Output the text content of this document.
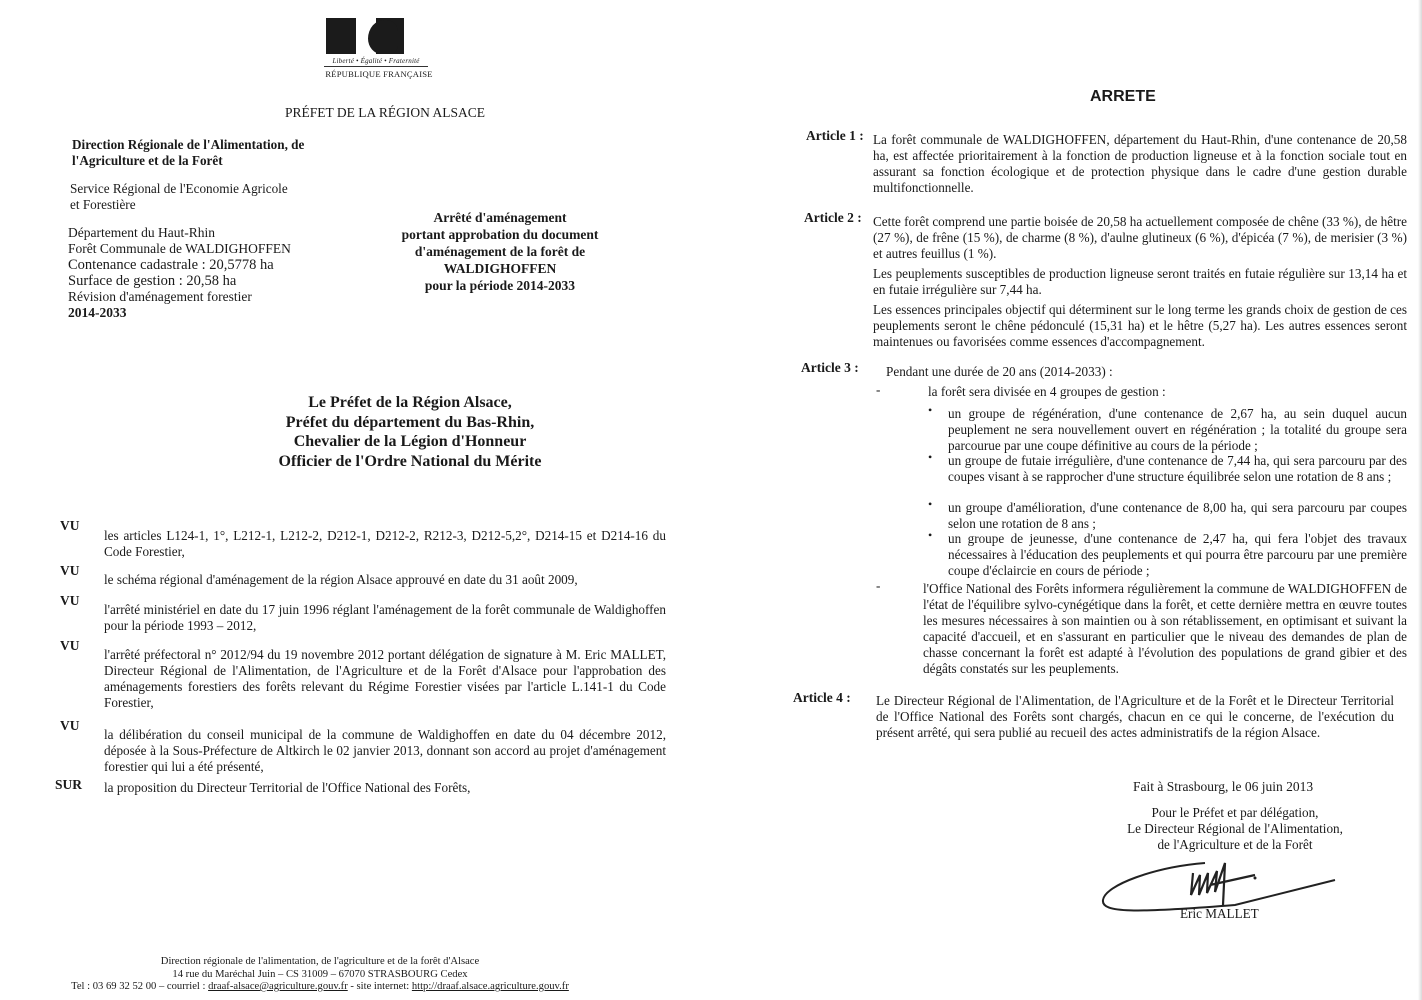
Liberté • Égalité • Fraternité
RÉPUBLIQUE FRANÇAISE
PRÉFET DE LA RÉGION ALSACE
Direction Régionale de l'Alimentation, de
l'Agriculture et de la Forêt
Service Régional de l'Economie Agricole
et Forestière
Département du Haut-Rhin
Forêt Communale de WALDIGHOFFEN
Contenance cadastrale : 20,5778 ha
Surface de gestion : 20,58 ha
Révision d'aménagement forestier
2014-2033
Arrêté d'aménagement
portant approbation du document
d'aménagement de la forêt de
WALDIGHOFFEN
pour la période 2014-2033
Le Préfet de la Région Alsace,
Préfet du département du Bas-Rhin,
Chevalier de la Légion d'Honneur
Officier de l'Ordre National du Mérite
VU
les articles L124-1, 1°, L212-1, L212-2, D212-1, D212-2, R212-3, D212-5,2°, D214-15 et D214-16 du Code Forestier,
VU
le schéma régional d'aménagement de la région Alsace approuvé en date du 31 août 2009,
VU
l'arrêté ministériel en date du 17 juin 1996 réglant l'aménagement de la forêt communale de Waldighoffen pour la période 1993 – 2012,
VU
l'arrêté préfectoral n° 2012/94 du 19 novembre 2012 portant délégation de signature à M. Eric MALLET, Directeur Régional de l'Alimentation, de l'Agriculture et de la Forêt d'Alsace pour l'approbation des aménagements forestiers des forêts relevant du Régime Forestier visées par l'article L.141-1 du Code Forestier,
VU
la délibération du conseil municipal de la commune de Waldighoffen en date du 04 décembre 2012, déposée à la Sous-Préfecture de Altkirch le 02 janvier 2013, donnant son accord au projet d'aménagement forestier qui lui a été présenté,
SUR la proposition du Directeur Territorial de l'Office National des Forêts,
Direction régionale de l'alimentation, de l'agriculture et de la forêt d'Alsace
14 rue du Maréchal Juin – CS 31009 – 67070 STRASBOURG Cedex
Tel : 03 69 32 52 00 – courriel : draaf-alsace@agriculture.gouv.fr - site internet: http://draaf.alsace.agriculture.gouv.fr
ARRETE
Article 1 : La forêt communale de WALDIGHOFFEN, département du Haut-Rhin, d'une contenance de 20,58 ha, est affectée prioritairement à la fonction de production ligneuse et à la fonction sociale tout en assurant sa fonction écologique et de protection physique dans le cadre d'une gestion durable multifonctionnelle.
Article 2 : Cette forêt comprend une partie boisée de 20,58 ha actuellement composée de chêne (33 %), de hêtre (27 %), de frêne (15 %), de charme (8 %), d'aulne glutineux (6 %), d'épicéa (7 %), de merisier (3 %) et autres feuillus (1 %).
Les peuplements susceptibles de production ligneuse seront traités en futaie régulière sur 13,14 ha et en futaie irrégulière sur 7,44 ha.
Les essences principales objectif qui déterminent sur le long terme les grands choix de gestion de ces peuplements seront le chêne pédonculé (15,31 ha) et le hêtre (5,27 ha). Les autres essences seront maintenues ou favorisées comme essences d'accompagnement.
Article 3 : Pendant une durée de 20 ans (2014-2033) :
-	la forêt sera divisée en 4 groupes de gestion :
• un groupe de régénération, d'une contenance de 2,67 ha, au sein duquel aucun peuplement ne sera nouvellement ouvert en régénération ; la totalité du groupe sera parcourue par une coupe définitive au cours de la période ;
• un groupe de futaie irrégulière, d'une contenance de 7,44 ha, qui sera parcouru par des coupes visant à se rapprocher d'une structure équilibrée selon une rotation de 8 ans ;
• un groupe d'amélioration, d'une contenance de 8,00 ha, qui sera parcouru par coupes selon une rotation de 8 ans ;
• un groupe de jeunesse, d'une contenance de 2,47 ha, qui fera l'objet des travaux nécessaires à l'éducation des peuplements et qui pourra être parcouru par une première coupe d'éclaircie en cours de période ;
-	l'Office National des Forêts informera régulièrement la commune de WALDIGHOFFEN de l'état de l'équilibre sylvo-cynégétique dans la forêt, et cette dernière mettra en œuvre toutes les mesures nécessaires à son maintien ou à son rétablissement, en optimisant et suivant la capacité d'accueil, et en s'assurant en particulier que le niveau des demandes de plan de chasse concernant la forêt est adapté à l'évolution des populations de grand gibier et des dégâts constatés sur les peuplements.
Article 4 : Le Directeur Régional de l'Alimentation, de l'Agriculture et de la Forêt et le Directeur Territorial de l'Office National des Forêts sont chargés, chacun en ce qui le concerne, de l'exécution du présent arrêté, qui sera publié au recueil des actes administratifs de la région Alsace.
Fait à Strasbourg, le 06 juin 2013
Pour le Préfet et par délégation,
Le Directeur Régional de l'Alimentation,
de l'Agriculture et de la Forêt
Eric MALLET
